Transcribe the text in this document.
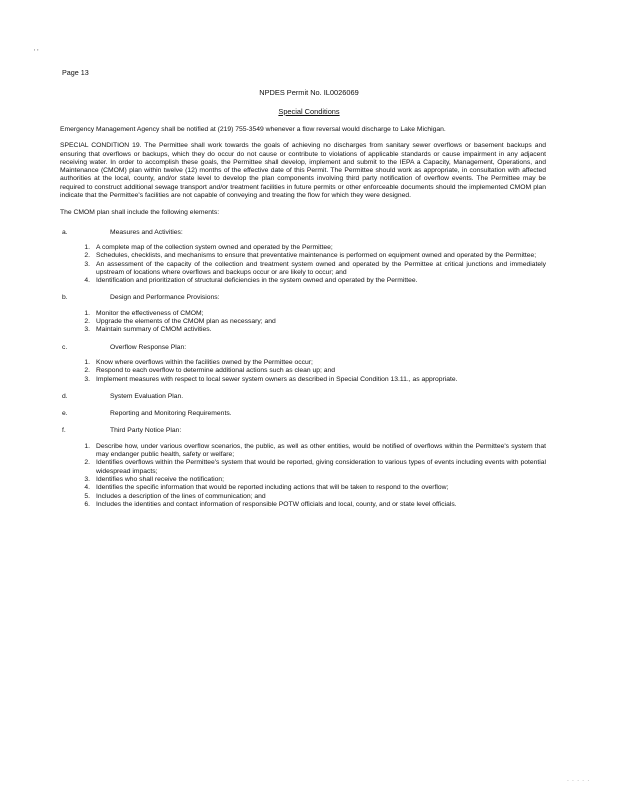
‚ ,
Page 13
NPDES Permit No. IL0026069
Special Conditions

Emergency Management Agency shall be notified at (219) 755-3549 whenever a flow reversal would discharge to Lake Michigan.

SPECIAL CONDITION 19. The Permittee shall work towards the goals of achieving no discharges from sanitary sewer overflows or basement backups and ensuring that overflows or backups, which they do occur do not cause or contribute to violations of applicable standards or cause impairment in any adjacent receiving water. In order to accomplish these goals, the Permittee shall develop, implement and submit to the IEPA a Capacity, Management, Operations, and Maintenance (CMOM) plan within twelve (12) months of the effective date of this Permit. The Permittee should work as appropriate, in consultation with affected authorities at the local, county, and/or state level to develop the plan components involving third party notification of overflow events. The Permittee may be required to construct additional sewage transport and/or treatment facilities in future permits or other enforceable documents should the implemented CMOM plan indicate that the Permittee's facilities are not capable of conveying and treating the flow for which they were designed.

The CMOM plan shall include the following elements:

a.	Measures and Activities:
1. A complete map of the collection system owned and operated by the Permittee;
2. Schedules, checklists, and mechanisms to ensure that preventative maintenance is performed on equipment owned and operated by the Permittee;
3. An assessment of the capacity of the collection and treatment system owned and operated by the Permittee at critical junctions and immediately upstream of locations where overflows and backups occur or are likely to occur; and
4. Identification and prioritization of structural deficiencies in the system owned and operated by the Permittee.
b.	Design and Performance Provisions:
1. Monitor the effectiveness of CMOM;
2. Upgrade the elements of the CMOM plan as necessary; and
3. Maintain summary of CMOM activities.
c.	Overflow Response Plan:
1. Know where overflows within the facilities owned by the Permittee occur;
2. Respond to each overflow to determine additional actions such as clean up; and
3. Implement measures with respect to local sewer system owners as described in Special Condition 13.11., as appropriate.
d.	System Evaluation Plan.
e.	Reporting and Monitoring Requirements.
f.	Third Party Notice Plan:
1. Describe how, under various overflow scenarios, the public, as well as other entities, would be notified of overflows within the Permittee's system that may endanger public health, safety or welfare;
2. Identifies overflows within the Permittee's system that would be reported, giving consideration to various types of events including events with potential widespread impacts;
3. Identifies who shall receive the notification;
4. Identifies the specific information that would be reported including actions that will be taken to respond to the overflow;
5. Includes a description of the lines of communication; and
6. Includes the identities and contact information of responsible POTW officials and local, county, and or state level officials.
· · · · ·
